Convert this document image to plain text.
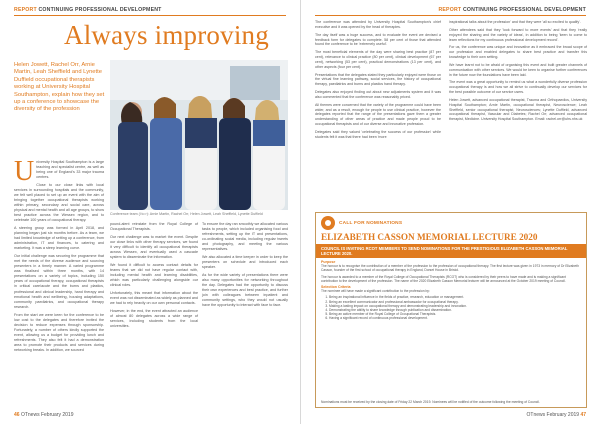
REPORT CONTINUING PROFESSIONAL DEVELOPMENT
Always improving
Helen Jowett, Rachel Orr, Arnie Martin, Leah Sheffield and Lynette Duffield occupational therapists working at University Hospital Southampton, explain how they set up a conference to showcase the diversity of the profession
Conference team (l to r): Arnie Martin, Rachel Orr, Helen Jowett, Leah Sheffield, Lynette Duffield

University Hospital Southampton is a large teaching and specialist centre, as well as being one of England's 33 major trauma centres.

Close to our close links with local services in surrounding hospitals and the community, we felt well placed to set up an event with the aim of bringing together occupational therapists working within primary, secondary and social care, across physical and mental health and all age groups, to show best practice across the Wessex region, and to celebrate 100 years of occupational therapy.

A steering group was formed in April 2018, and planning began just six months before. As a team, we had limited knowledge of setting up a conference, from administration, IT and finances, to catering and marketing. It was a steep learning curve.

Our initial challenge was securing the programme that met the needs of the diverse audience and sourcing presenters in a timely manner. A varied programme was finalised within three months, with 14 presentations on a variety of topics, including 150 years of occupational therapy, occupational therapists in critical care/acute and the burns and plastics, professional and clinical leadership, hand therapy and emotional health and wellbeing, housing adaptations, community paediatrics, and occupational therapy research.

From the start we were keen for the conference to be low cost to the delegates and therefore invited the decision to reduce expenses through sponsorship. Fortunately, a number of others kindly supported the event, allowing us a budget for providing lunch and refreshments. They also felt it had a demonstration area to promote their products and services during networking breaks. In addition, we sourced

pound-alent reinstate from the Royal College of Occupational Therapists.

Our next challenge was to market the event. Despite our close links with other therapy services, we found it very difficult to identify all occupational therapists across Wessex, and eventually used a cascade system to disseminate the information.

We found it difficult to access contact details for teams that we did not have regular contact with, including mental health and learning disabilities, which was particularly challenging alongside our clinical roles.

Unfortunately, this meant that information about the event was not disseminated as widely as planned and we had to rely heavily on our own personal contacts.

However, in the end, the event attracted an audience of almost 80 delegates across a wide range of services, including students from the local universities.

To ensure the day ran smoothly we allocated various tasks to people, which included organising food and refreshments, setting up the IT and presentations, co-ordinating social media, including regular tweets and photography, and meeting the various representatives.

We also allocated a time keeper in order to keep the presenters on schedule and introduced each speaker.

As for the wide variety of presentations there were also many opportunities for networking throughout the day. Delegates had the opportunity to discuss their own experiences and best practice, and further join with colleagues between inpatient and community settings, who they would not usually have the opportunity to interact with face to face.

46 OTnews February 2019
REPORT CONTINUING PROFESSIONAL DEVELOPMENT

The conference was attended by University Hospital Southampton's chief executive and it was opened by the head of therapies.

The day itself was a huge success, and to evaluate the event we devised a feedback form for delegates to complete. 58 per cent of those that attended found the conference to be 'extremely useful'.

The most beneficial elements of the day were sharing best practice (87 per cent), relevance to clinical practice (80 per cent), clinical development (67 per cent), networking (53 per cent), practical demonstrations (13 per cent), and other aspects (four per cent).

Presentations that the delegates stated they particularly enjoyed were those on the virtual fine learning pathway, social services, the history of occupational therapy, paediatrics and burns and plastics hand therapy.

Delegates also enjoyed finding out about new adjustments system and it was also commented that the conference was reasonably priced.

All themes were concerned that the variety of the programme could have been wider, and as a result, enough for people to use clinical practice, however the delegates reported that the range of the presentations gave them a greater understanding of other areas of practice and made people proud to be occupational therapists and of our diverse and innovative profession.

Delegates said they valued 'celebrating the success of our profession' while students felt it was that there had been 'more

inspirational talks about the profession' and that they were 'all so excited to qualify'.

Other attendees said that they 'look forward to more events' and that they 'really enjoyed the sharing and the variety of ideas', in addition to being 'keen to come to learn reflections for my continuous professional development record'.

For us, the conference was unique and innovative as it embraced the broad scope of our profession and enabled delegates to share best practice and transfer this knowledge to their own setting.

We have learnt not to be afraid of organising this event and built greater channels of communication with other services. We would be keen to organise further conferences in the future now the foundations have been laid.

The event was a great opportunity to remind us what a wonderfully diverse profession occupational therapy is and how we all strive to continually develop our services for the best possible outcome of our service users.

Helen Jowett, advanced occupational therapist, Trauma and Orthopaedics, University Hospital Southampton; Arnie Martin, occupational therapist, Neuroscience; Leah Sheffield, senior occupational therapist, Neurosciences; Lynette Duffield, advanced occupational therapist, Vascular and Diabetes; Rachel Orr, advanced occupational therapist, Medicine. University Hospital Southampton. Email: rachel.orr@uhs.nhs.uk

CALL FOR NOMINATIONS
ELIZABETH CASSON MEMORIAL LECTURE 2020
COUNCIL IS INVITING RCOT MEMBERS TO SEND NOMINATIONS FOR THE PRESTIGIOUS ELIZABETH CASSON MEMORIAL LECTURE 2020.
Purpose

The honour is to recognise the contribution of a member of the profession to the profession of occupational therapy. The first lecture was given in 1973 in memory of Dr Elizabeth Casson, founder of the first school of occupational therapy in England, Dorset House in Bristol.

The honour is awarded to a member of the Royal College of Occupational Therapists (RCOT) who is considered by their peers to have made and is making a significant contribution to the development of the profession. The name of the 2020 Elizabeth Casson Memorial lecturer will be announced at the October 2019 meeting of Council.

Selection Criteria

The nominee will have made a significant contribution to the profession by:

1. Being an inspirational influence in the fields of practice, research, education or management.
2. Being an excellent communicator and professional ambassador for occupational therapy.
3. Making a lasting impact on occupational therapy and demonstrating leadership and innovation.
4. Demonstrating the ability to share knowledge through publication and dissemination.
5. Being an active member of the Royal College of Occupational Therapists.
6. Having a significant record of continuous professional development.
Nominations must be received by the closing date of Friday 22 March 2019. Nominees will be notified of the outcome following the meeting of Council.
OTnews February 2019 47
